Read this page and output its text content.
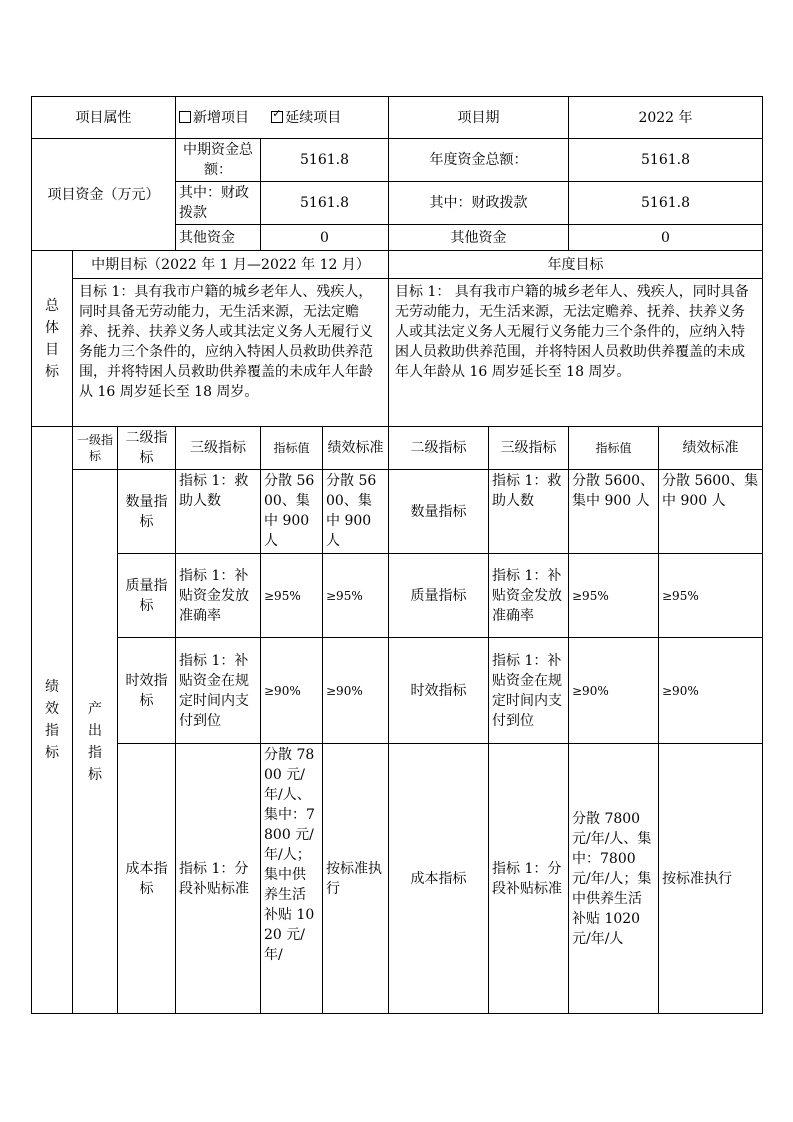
项目属性			新增项目 ✓ 延续项目			项目期		2022 年	
项目资金（万元）			中期资金总额：	5161.8		年度资金总额：		5161.8	
			其中：财政拨款	5161.8		其中：财政拨款		5161.8	
			其他资金	0		其他资金		0	

总体目标	中期目标（2022 年 1 月—2022 年 12 月）					年度目标			
	目标 1：具有我市户籍的城乡老年人、残疾人，同时具备无劳动能力，无生活来源，无法定赡养、抚养、扶养义务人或其法定义务人无履行义务能力三个条件的，应纳入特困人员救助供养范围，并将特困人员救助供养覆盖的未成年人年龄从 16 周岁延长至 18 周岁。					目标 1： 具有我市户籍的城乡老年人、残疾人，同时具备无劳动能力，无生活来源，无法定赡养、抚养、扶养义务人或其法定义务人无履行义务能力三个条件的，应纳入特困人员救助供养范围，并将特困人员救助供养覆盖的未成年人年龄从 16 周岁延长至 18 周岁。			

绩效指标	一级指标	二级指标	三级指标	指标值	绩效标准	二级指标	三级指标	指标值	绩效标准

	产出指标	数量指标	指标 1：救助人数	分散 5600、集中 900 人	分散 5600、集中 900 人	数量指标	指标 1：救助人数	分散 5600、集中 900 人	分散 5600、集中 900 人
		质量指标	指标 1：补贴资金发放准确率	≥95%	≥95%	质量指标	指标 1：补贴资金发放准确率	≥95%	≥95%
		时效指标	指标 1：补贴资金在规定时间内支付到位	≥90%	≥90%	时效指标	指标 1：补贴资金在规定时间内支付到位	≥90%	≥90%
		成本指标	指标 1：分段补贴标准	分散 7800 元/年/人、集中：7800 元/年/人；集中供养生活补贴 1020 元/年/	按标准执行	成本指标	指标 1：分段补贴标准	分散 7800 元/年/人、集中：7800 元/年/人；集中供养生活补贴 1020 元/年/人	按标准执行
